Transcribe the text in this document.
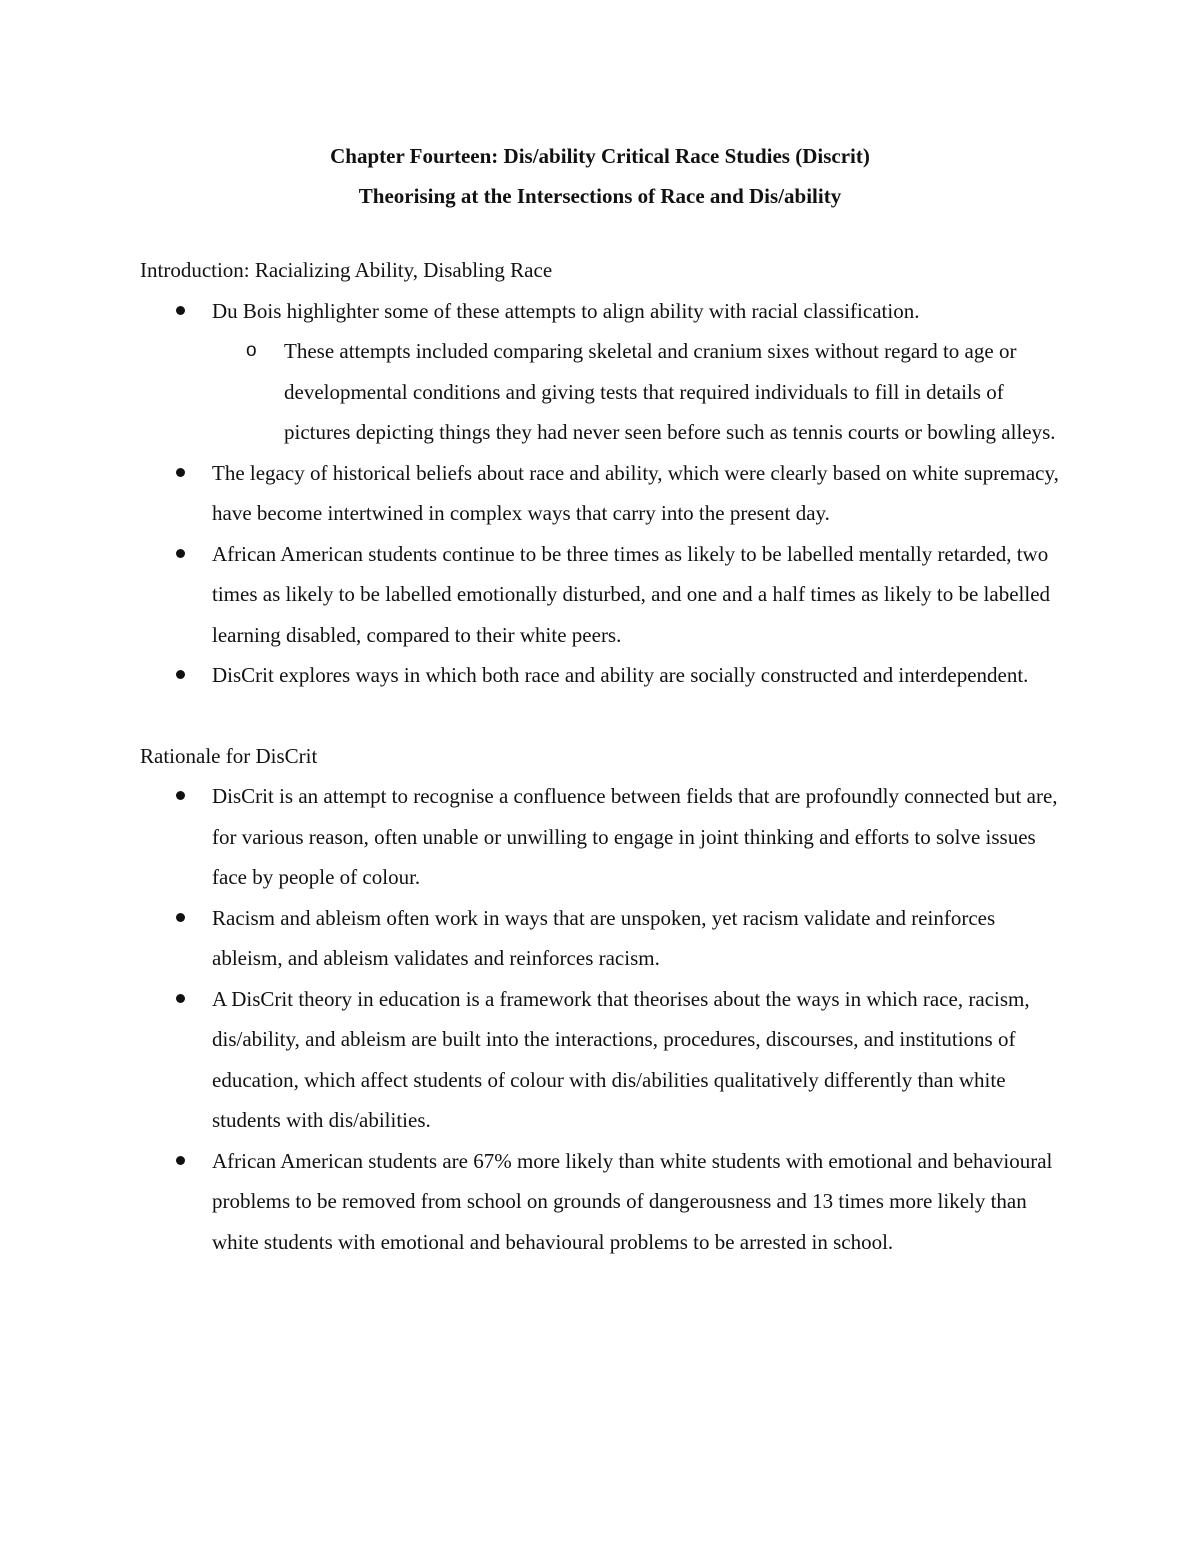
Chapter Fourteen: Dis/ability Critical Race Studies (Discrit)
Theorising at the Intersections of Race and Dis/ability
Introduction: Racializing Ability, Disabling Race
Du Bois highlighter some of these attempts to align ability with racial classification.
o These attempts included comparing skeletal and cranium sixes without regard to age or developmental conditions and giving tests that required individuals to fill in details of pictures depicting things they had never seen before such as tennis courts or bowling alleys.
The legacy of historical beliefs about race and ability, which were clearly based on white supremacy, have become intertwined in complex ways that carry into the present day.
African American students continue to be three times as likely to be labelled mentally retarded, two times as likely to be labelled emotionally disturbed, and one and a half times as likely to be labelled learning disabled, compared to their white peers.
DisCrit explores ways in which both race and ability are socially constructed and interdependent.
Rationale for DisCrit
DisCrit is an attempt to recognise a confluence between fields that are profoundly connected but are, for various reason, often unable or unwilling to engage in joint thinking and efforts to solve issues face by people of colour.
Racism and ableism often work in ways that are unspoken, yet racism validate and reinforces ableism, and ableism validates and reinforces racism.
A DisCrit theory in education is a framework that theorises about the ways in which race, racism, dis/ability, and ableism are built into the interactions, procedures, discourses, and institutions of education, which affect students of colour with dis/abilities qualitatively differently than white students with dis/abilities.
African American students are 67% more likely than white students with emotional and behavioural problems to be removed from school on grounds of dangerousness and 13 times more likely than white students with emotional and behavioural problems to be arrested in school.
